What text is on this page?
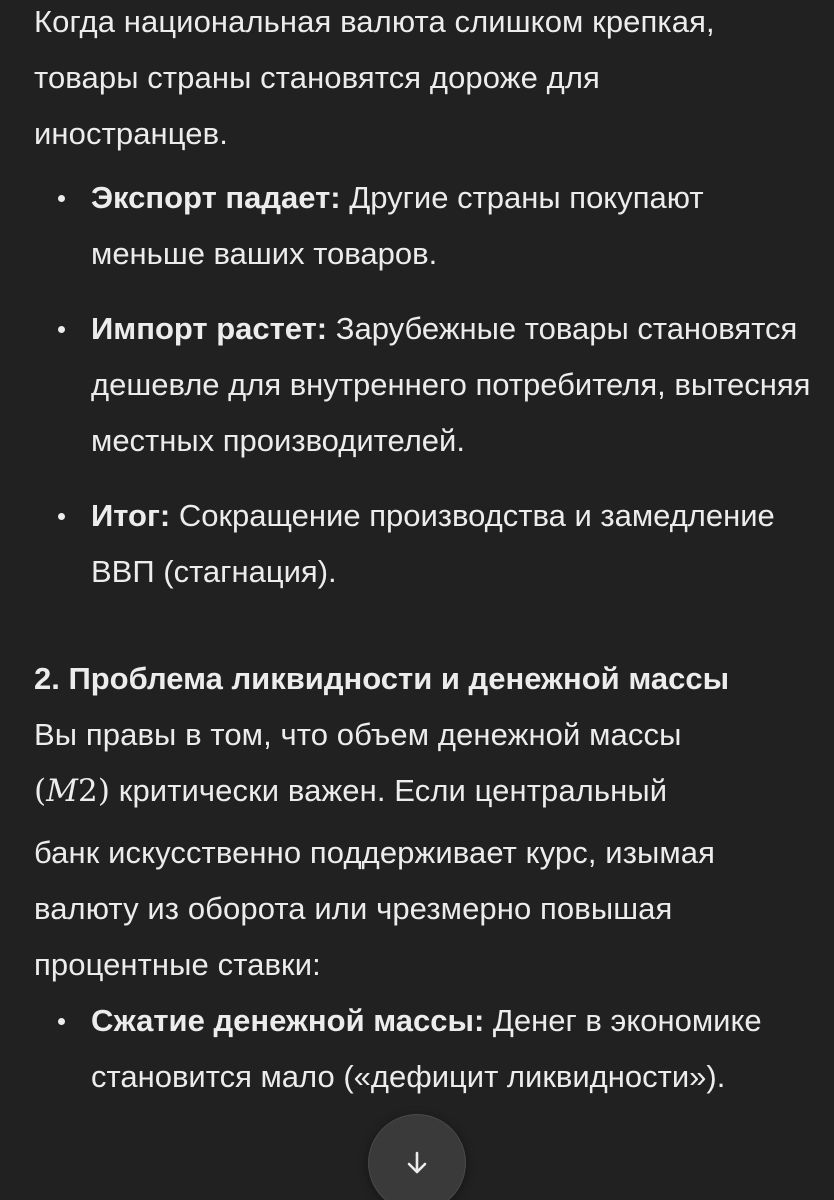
Когда национальная валюта слишком крепкая,
товары страны становятся дороже для
иностранцев.

Экспорт падает: Другие страны покупают меньше ваших товаров.
Импорт растет: Зарубежные товары становятся дешевле для внутреннего потребителя, вытесняя местных производителей.
Итог: Сокращение производства и замедление ВВП (стагнация).

2. Проблема ликвидности и денежной массы

Вы правы в том, что объем денежной массы
(M2) критически важен. Если центральный

банк искусственно поддерживает курс, изымая
валюту из оборота или чрезмерно повышая
процентные ставки:

Сжатие денежной массы: Денег в экономике становится мало («дефицит ликвидности»).
